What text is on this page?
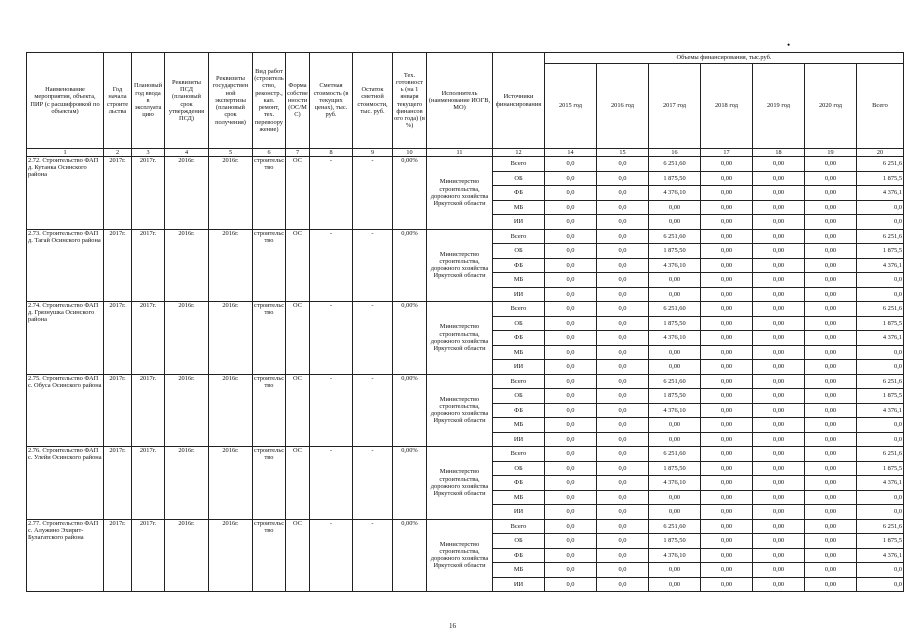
•
Наименование мероприятия, объекта, ПИР (с расшифровкой по объектам)	Год начала строите льства	Плановый год ввода в эксплуата цию	Реквизиты ПСД (плановый срок утверждения ПСД)	Реквизиты государствен ной экспертизы (плановый срок получения)	Вид работ (строитель ство, реконстр., кап. ремонт, тех. перевоору жение)	Форма собстве нности (ОС/М С)	Сметная стоимость (в текущих ценах), тыс. руб.	Остаток сметной стоимости, тыс. руб.	Тех. готовност ь (на 1 января текущего финансов ого года) (в %)	Исполнитель (наименование ИОГВ, МО)	Источники финансирования	Объемы финансирования, тыс.руб.						
												2015 год	2016 год	2017 год	2018 год	2019 год	2020 год	Всего
1	2	3	4	5	6	7	8	9	10	11	12	14	15	16	17	18	19	20
2.72. Строительство ФАП д. Кутанка Осинского района	2017г.	2017г.	2016г.	2016г.	строительс тво	ОС	-	-	0,00%	Министерство строительства, дорожного хозяйства Иркутской области	Всего	0,0	0,0	6 251,60	0,00	0,00	0,00	6 251,6
											ОБ	0,0	0,0	1 875,50	0,00	0,00	0,00	1 875,5
											ФБ	0,0	0,0	4 376,10	0,00	0,00	0,00	4 376,1
											МБ	0,0	0,0	0,00	0,00	0,00	0,00	0,0
											ИИ	0,0	0,0	0,00	0,00	0,00	0,00	0,0
2.73. Строительство ФАП д. Тагай Осинского района	2017г.	2017г.	2016г.	2016г.	строительс тво	ОС	-	-	0,00%	Министерство строительства, дорожного хозяйства Иркутской области	Всего	0,0	0,0	6 251,60	0,00	0,00	0,00	6 251,6
											ОБ	0,0	0,0	1 875,50	0,00	0,00	0,00	1 875,5
											ФБ	0,0	0,0	4 376,10	0,00	0,00	0,00	4 376,1
											МБ	0,0	0,0	0,00	0,00	0,00	0,00	0,0
											ИИ	0,0	0,0	0,00	0,00	0,00	0,00	0,0
2.74. Строительство ФАП д. Грязнушка Осинского района	2017г.	2017г.	2016г.	2016г.	строительс тво	ОС	-	-	0,00%	Министерство строительства, дорожного хозяйства Иркутской области	Всего	0,0	0,0	6 251,60	0,00	0,00	0,00	6 251,6
											ОБ	0,0	0,0	1 875,50	0,00	0,00	0,00	1 875,5
											ФБ	0,0	0,0	4 376,10	0,00	0,00	0,00	4 376,1
											МБ	0,0	0,0	0,00	0,00	0,00	0,00	0,0
											ИИ	0,0	0,0	0,00	0,00	0,00	0,00	0,0
2.75. Строительство ФАП с. Обуса Осинского района	2017г.	2017г.	2016г.	2016г.	строительс тво	ОС	-	-	0,00%	Министерство строительства, дорожного хозяйства Иркутской области	Всего	0,0	0,0	6 251,60	0,00	0,00	0,00	6 251,6
											ОБ	0,0	0,0	1 875,50	0,00	0,00	0,00	1 875,5
											ФБ	0,0	0,0	4 376,10	0,00	0,00	0,00	4 376,1
											МБ	0,0	0,0	0,00	0,00	0,00	0,00	0,0
											ИИ	0,0	0,0	0,00	0,00	0,00	0,00	0,0
2.76. Строительство ФАП с. Улейи Осинского района	2017г.	2017г.	2016г.	2016г.	строительс тво	ОС	-	-	0,00%	Министерство строительства, дорожного хозяйства Иркутской области	Всего	0,0	0,0	6 251,60	0,00	0,00	0,00	6 251,6
											ОБ	0,0	0,0	1 875,50	0,00	0,00	0,00	1 875,5
											ФБ	0,0	0,0	4 376,10	0,00	0,00	0,00	4 376,1
											МБ	0,0	0,0	0,00	0,00	0,00	0,00	0,0
											ИИ	0,0	0,0	0,00	0,00	0,00	0,00	0,0
2.77. Строительство ФАП с. Алужино Эхирит-Булагатского района	2017г.	2017г.	2016г.	2016г.	строительс тво	ОС	-	-	0,00%	Министерство строительства, дорожного хозяйства Иркутской области	Всего	0,0	0,0	6 251,60	0,00	0,00	0,00	6 251,6
											ОБ	0,0	0,0	1 875,50	0,00	0,00	0,00	1 875,5
											ФБ	0,0	0,0	4 376,10	0,00	0,00	0,00	4 376,1
											МБ	0,0	0,0	0,00	0,00	0,00	0,00	0,0
											ИИ	0,0	0,0	0,00	0,00	0,00	0,00	0,0
16
